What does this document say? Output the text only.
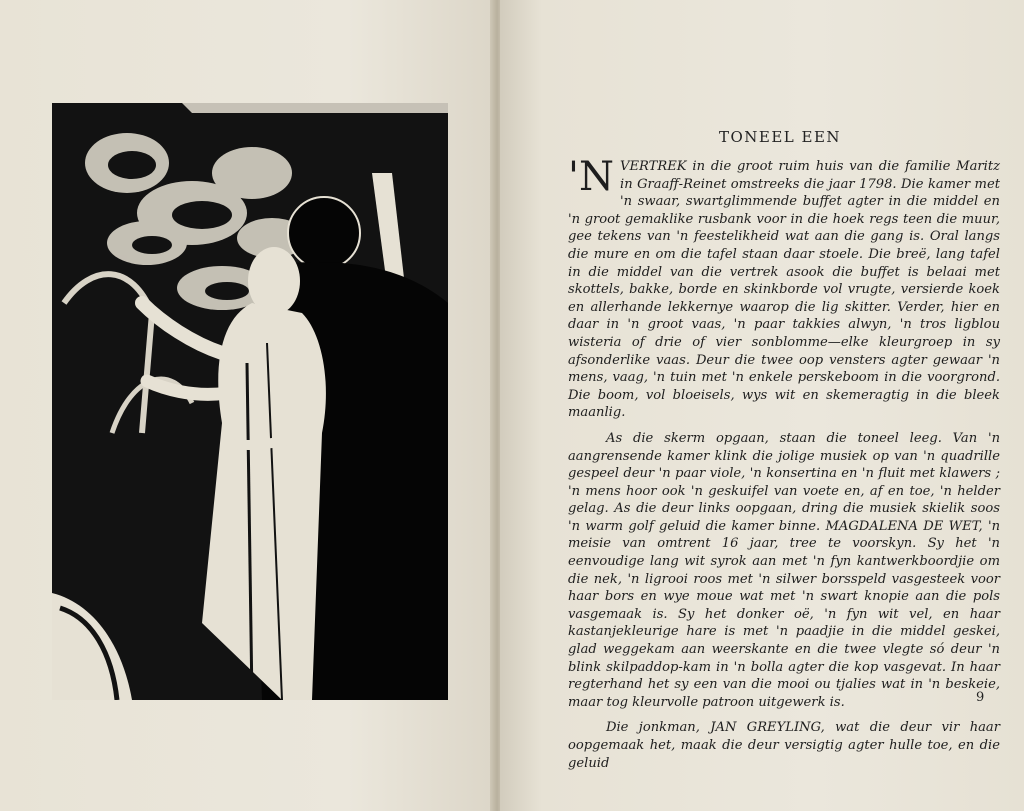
TONEEL EEN

'NVERTREK in die groot ruim huis van die familie Maritz in Graaff-Reinet omstreeks die jaar 1798. Die kamer met 'n swaar, swartglimmende buffet agter in die middel en 'n groot gemaklike rusbank voor in die hoek regs teen die muur, gee tekens van 'n feestelikheid wat aan die gang is. Oral langs die mure en om die tafel staan daar stoele. Die breë, lang tafel in die middel van die vertrek asook die buffet is belaai met skottels, bakke, borde en skinkborde vol vrugte, versierde koek en allerhande lekkernye waarop die lig skitter. Verder, hier en daar in 'n groot vaas, 'n paar takkies alwyn, 'n tros ligblou wisteria of drie of vier sonblomme—elke kleurgroep in sy afsonderlike vaas. Deur die twee oop vensters agter gewaar 'n mens, vaag, 'n tuin met 'n enkele perskeboom in die voorgrond. Die boom, vol bloeisels, wys wit en skemeragtig in die bleek maanlig.

As die skerm opgaan, staan die toneel leeg. Van 'n aangrensende kamer klink die jolige musiek op van 'n quadrille gespeel deur 'n paar viole, 'n konsertina en 'n fluit met klawers ; 'n mens hoor ook 'n geskuifel van voete en, af en toe, 'n helder gelag. As die deur links oopgaan, dring die musiek skielik soos 'n warm golf geluid die kamer binne. MAGDALENA DE WET, 'n meisie van omtrent 16 jaar, tree te voorskyn. Sy het 'n eenvoudige lang wit syrok aan met 'n fyn kantwerkboordjie om die nek, 'n ligrooi roos met 'n silwer borsspeld vasgesteek voor haar bors en wye moue wat met 'n swart knopie aan die pols vasgemaak is. Sy het donker oë, 'n fyn wit vel, en haar kastanjekleurige hare is met 'n paadjie in die middel geskei, glad weggekam aan weerskante en die twee vlegte só deur 'n blink skilpaddop-kam in 'n bolla agter die kop vasgevat. In haar regterhand het sy een van die mooi ou tjalies wat in 'n beskeie, maar tog kleurvolle patroon uitgewerk is.

Die jonkman, JAN GREYLING, wat die deur vir haar oopgemaak het, maak die deur versigtig agter hulle toe, en die geluid

9
